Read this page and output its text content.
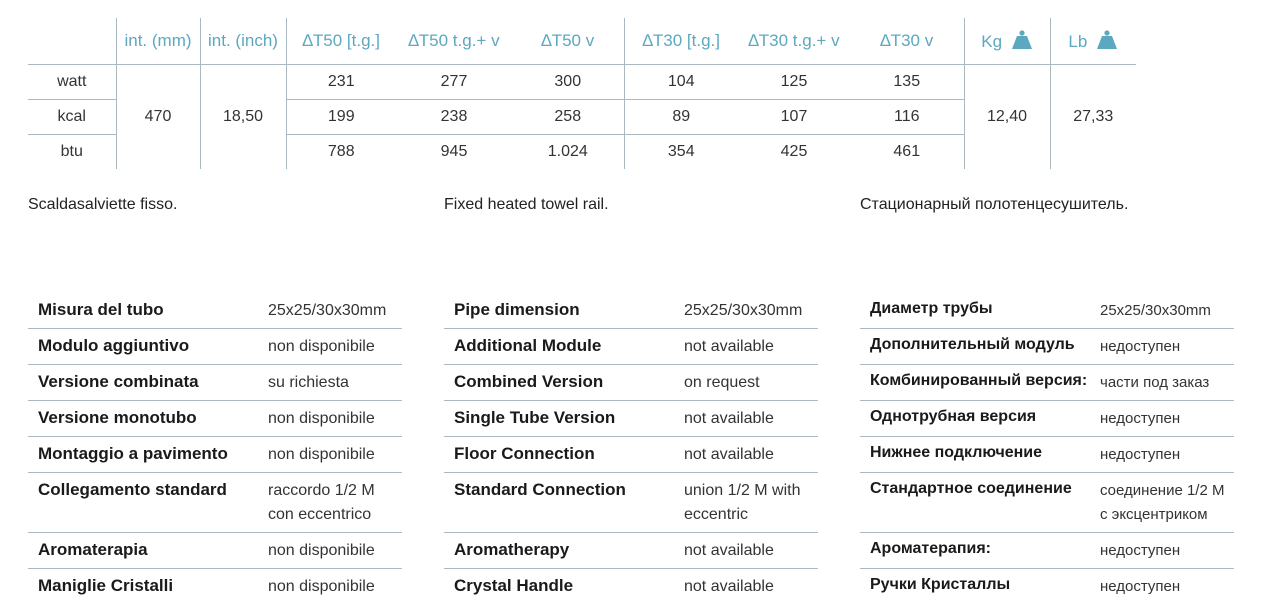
	int. (mm)	int. (inch)	∆T50 [t.g.]	∆T50 t.g.+ v	∆T50 v	∆T30 [t.g.]	∆T30 t.g.+ v	∆T30 v	Kg	Lb
watt	470	18,50	231	277	300	104	125	135	12,40	27,33
kcal			199	238	258	89	107	116		
btu			788	945	1.024	354	425	461		
Scaldasalviette fisso.	Fixed heated towel rail.	Стационарный полотенцесушитель.
Misura del tubo	25x25/30x30mm

Modulo aggiuntivo	non disponibile

Versione combinata	su richiesta

Versione monotubo	non disponibile

Montaggio a pavimento	non disponibile

Collegamento standard	raccordo 1/2 M
con eccentrico

Aromaterapia	non disponibile

Maniglie Cristalli	non disponibile
Pipe dimension	25x25/30x30mm

Additional Module	not available

Combined Version	on request

Single Tube Version	not available

Floor Connection	not available

Standard Connection	union 1/2 M with
eccentric

Aromatherapy	not available

Crystal Handle	not available
Диаметр трубы	25x25/30x30mm

Дополнительный модуль	недоступен

Комбинированный версия:	части под заказ

Однотрубная версия	недоступен

Нижнее подключение	недоступен

Стандартное соединение	соединение 1/2 M
с эксцентриком

Ароматерапия:	недоступен

Ручки Кристаллы	недоступен
